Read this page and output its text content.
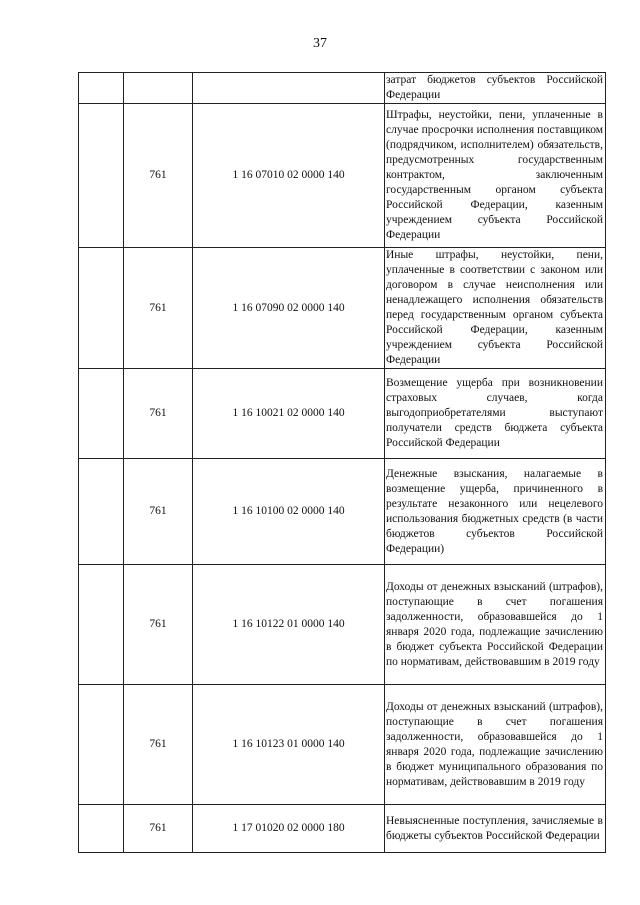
37

			затрат бюджетов субъектов Российской Федерации

	761	1 16 07010 02 0000 140	Штрафы, неустойки, пени, уплаченные в случае просрочки исполнения поставщиком (подрядчиком, исполнителем) обязательств, предусмотренных государственным контрактом, заключенным государственным органом субъекта Российской Федерации, казенным учреждением субъекта Российской Федерации

	761	1 16 07090 02 0000 140	Иные штрафы, неустойки, пени, уплаченные в соответствии с законом или договором в случае неисполнения или ненадлежащего исполнения обязательств перед государственным органом субъекта Российской Федерации, казенным учреждением субъекта Российской Федерации

	761	1 16 10021 02 0000 140	Возмещение ущерба при возникновении страховых случаев, когда выгодоприобретателями выступают получатели средств бюджета субъекта Российской Федерации

	761	1 16 10100 02 0000 140	Денежные взыскания, налагаемые в возмещение ущерба, причиненного в результате незаконного или нецелевого использования бюджетных средств (в части бюджетов субъектов Российской Федерации)

	761	1 16 10122 01 0000 140	Доходы от денежных взысканий (штрафов), поступающие в счет погашения задолженности, образовавшейся до 1 января 2020 года, подлежащие зачислению в бюджет субъекта Российской Федерации по нормативам, действовавшим в 2019 году

	761	1 16 10123 01 0000 140	Доходы от денежных взысканий (штрафов), поступающие в счет погашения задолженности, образовавшейся до 1 января 2020 года, подлежащие зачислению в бюджет муниципального образования по нормативам, действовавшим в 2019 году

	761	1 17 01020 02 0000 180	Невыясненные поступления, зачисляемые в бюджеты субъектов Российской Федерации
